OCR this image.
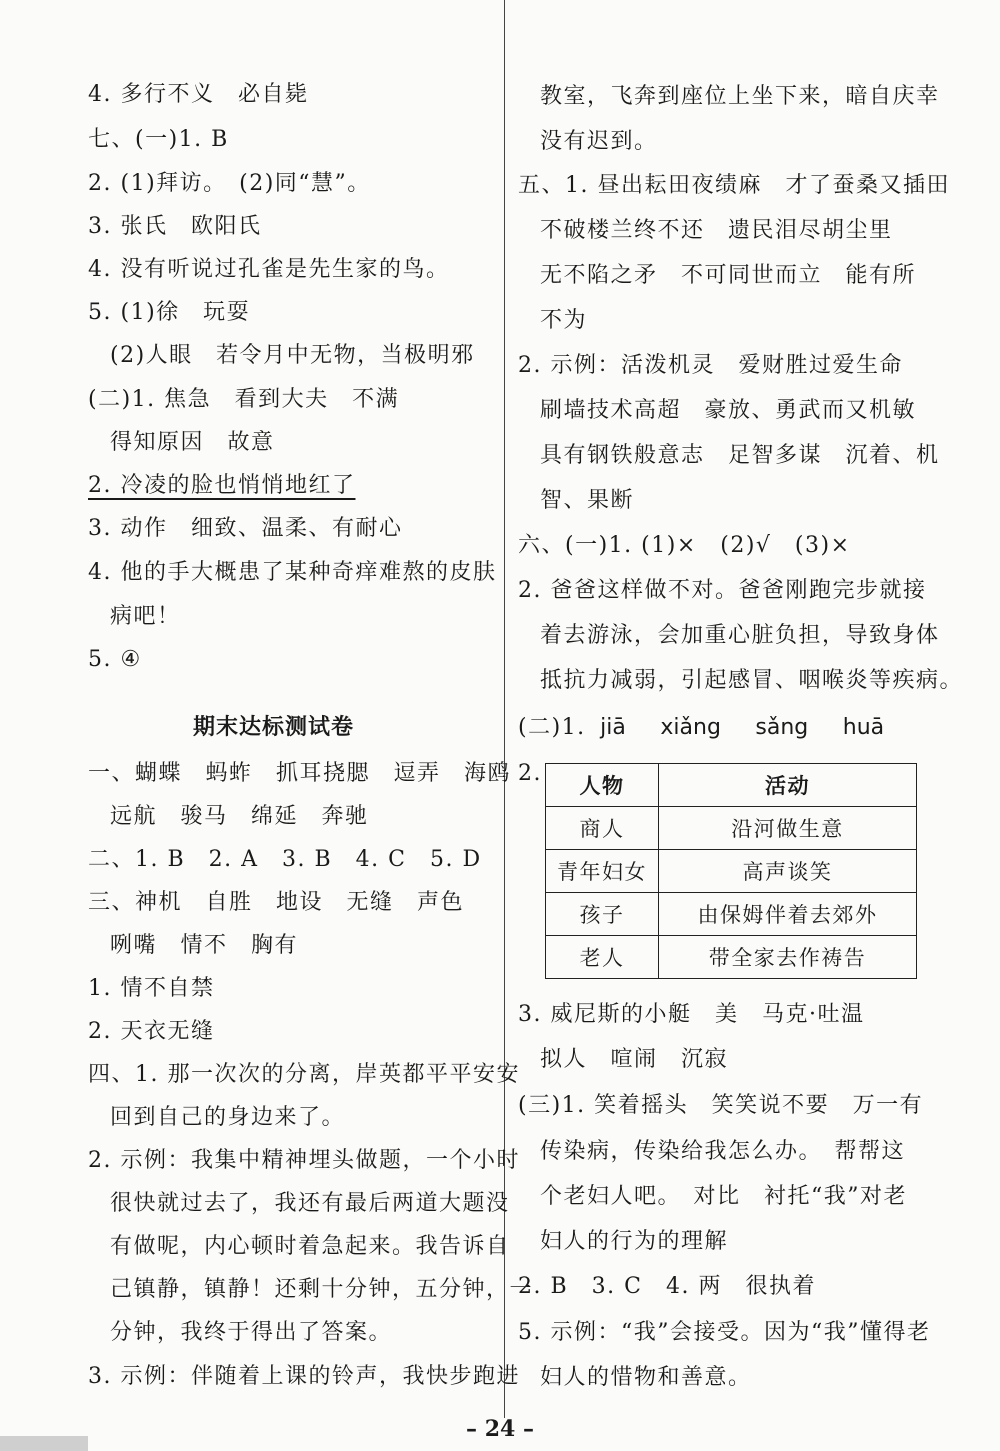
4. 多行不义　必自毙
七、(一)1. B
2. (1)拜访。　(2)同“慧”。
3. 张氏　欧阳氏
4. 没有听说过孔雀是先生家的鸟。
5. (1)徐　玩耍
(2)人眼　若令月中无物，当极明邪
(二)1. 焦急　看到大夫　不满
得知原因　故意
2. 冷凌的脸也悄悄地红了
3. 动作　细致、温柔、有耐心
4. 他的手大概患了某种奇痒难熬的皮肤
病吧！
5. ④
期末达标测试卷
一、蝴蝶　蚂蚱　抓耳挠腮　逗弄　海鸥
远航　骏马　绵延　奔驰
二、1. B　2. A　3. B　4. C　5. D
三、神机　自胜　地设　无缝　声色
咧嘴　情不　胸有
1. 情不自禁
2. 天衣无缝
四、1. 那一次次的分离，岸英都平平安安
回到自己的身边来了。
2. 示例：我集中精神埋头做题，一个小时
很快就过去了，我还有最后两道大题没
有做呢，内心顿时着急起来。我告诉自
己镇静，镇静！还剩十分钟，五分钟，一
分钟，我终于得出了答案。
3. 示例：伴随着上课的铃声，我快步跑进
教室，飞奔到座位上坐下来，暗自庆幸
没有迟到。
五、1. 昼出耘田夜绩麻　才了蚕桑又插田
不破楼兰终不还　遗民泪尽胡尘里
无不陷之矛　不可同世而立　能有所
不为
2. 示例：活泼机灵　爱财胜过爱生命
刷墙技术高超　豪放、勇武而又机敏
具有钢铁般意志　足智多谋　沉着、机
智、果断
六、(一)1. (1)×　(2)√　(3)×
2. 爸爸这样做不对。爸爸刚跑完步就接
着去游泳，会加重心脏负担，导致身体
抵抗力减弱，引起感冒、咽喉炎等疾病。
(二)1. jiā xiǎng sǎng huā
2. 人物	活动
商人	沿河做生意
青年妇女	高声谈笑
孩子	由保姆伴着去郊外
老人	带全家去作祷告
3. 威尼斯的小艇　美　马克·吐温
拟人　喧闹　沉寂
(三)1. 笑着摇头　笑笑说不要　万一有
传染病，传染给我怎么办。　帮帮这
个老妇人吧。　对比　衬托“我”对老
妇人的行为的理解
2. B　3. C　4. 两　很执着
5. 示例：“我”会接受。因为“我”懂得老
妇人的惜物和善意。
– 24 –
